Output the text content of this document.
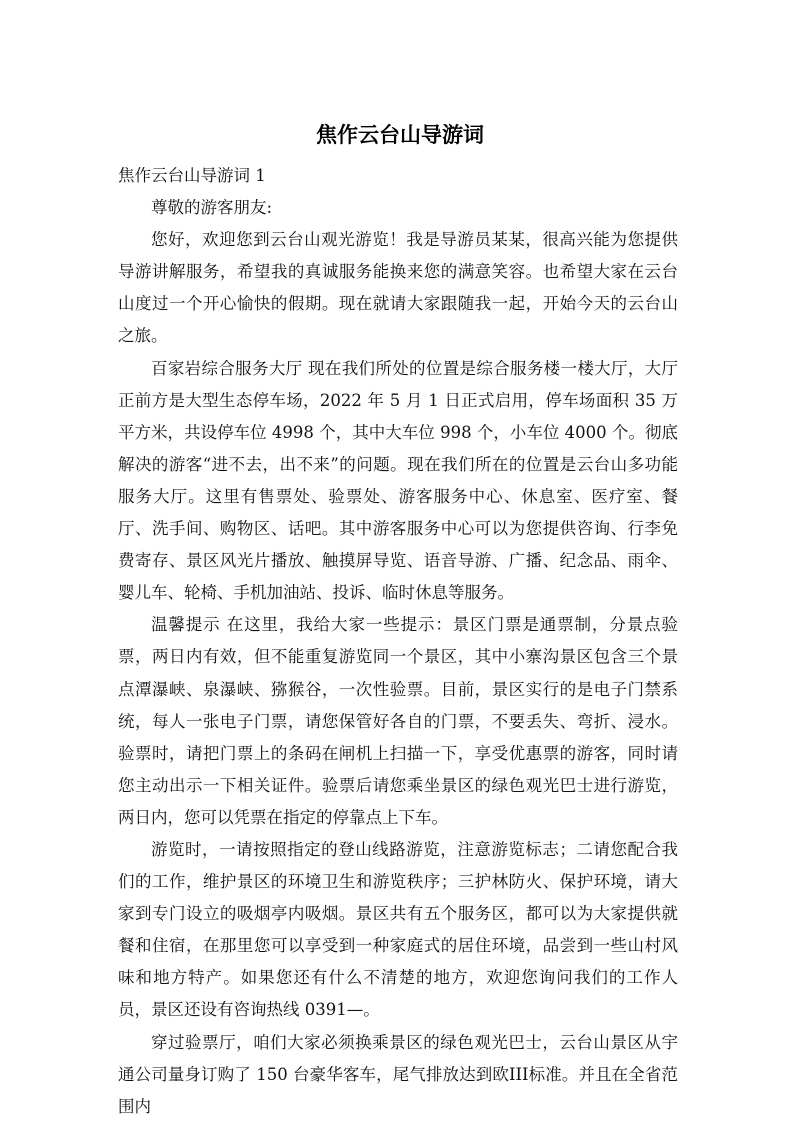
焦作云台山导游词

焦作云台山导游词 1

尊敬的游客朋友:

您好，欢迎您到云台山观光游览！我是导游员某某，很高兴能为您提供导游讲解服务，希望我的真诚服务能换来您的满意笑容。也希望大家在云台山度过一个开心愉快的假期。现在就请大家跟随我一起，开始今天的云台山之旅。

百家岩综合服务大厅 现在我们所处的位置是综合服务楼一楼大厅，大厅正前方是大型生态停车场，2022 年 5 月 1 日正式启用，停车场面积 35 万平方米，共设停车位 4998 个，其中大车位 998 个，小车位 4000 个。彻底解决的游客“进不去，出不来”的问题。现在我们所在的位置是云台山多功能服务大厅。这里有售票处、验票处、游客服务中心、休息室、医疗室、餐厅、洗手间、购物区、话吧。其中游客服务中心可以为您提供咨询、行李免费寄存、景区风光片播放、触摸屏导览、语音导游、广播、纪念品、雨伞、婴儿车、轮椅、手机加油站、投诉、临时休息等服务。

温馨提示 在这里，我给大家一些提示：景区门票是通票制，分景点验票，两日内有效，但不能重复游览同一个景区，其中小寨沟景区包含三个景点潭瀑峡、泉瀑峡、猕猴谷，一次性验票。目前，景区实行的是电子门禁系统，每人一张电子门票，请您保管好各自的门票，不要丢失、弯折、浸水。验票时，请把门票上的条码在闸机上扫描一下，享受优惠票的游客，同时请您主动出示一下相关证件。验票后请您乘坐景区的绿色观光巴士进行游览，两日内，您可以凭票在指定的停靠点上下车。

游览时，一请按照指定的登山线路游览，注意游览标志；二请您配合我们的工作，维护景区的环境卫生和游览秩序；三护林防火、保护环境，请大家到专门设立的吸烟亭内吸烟。景区共有五个服务区，都可以为大家提供就餐和住宿，在那里您可以享受到一种家庭式的居住环境，品尝到一些山村风味和地方特产。如果您还有什么不清楚的地方，欢迎您询问我们的工作人员，景区还设有咨询热线 0391—。

穿过验票厅，咱们大家必须换乘景区的绿色观光巴士，云台山景区从宇通公司量身订购了 150 台豪华客车，尾气排放达到欧III标准。并且在全省范围内
